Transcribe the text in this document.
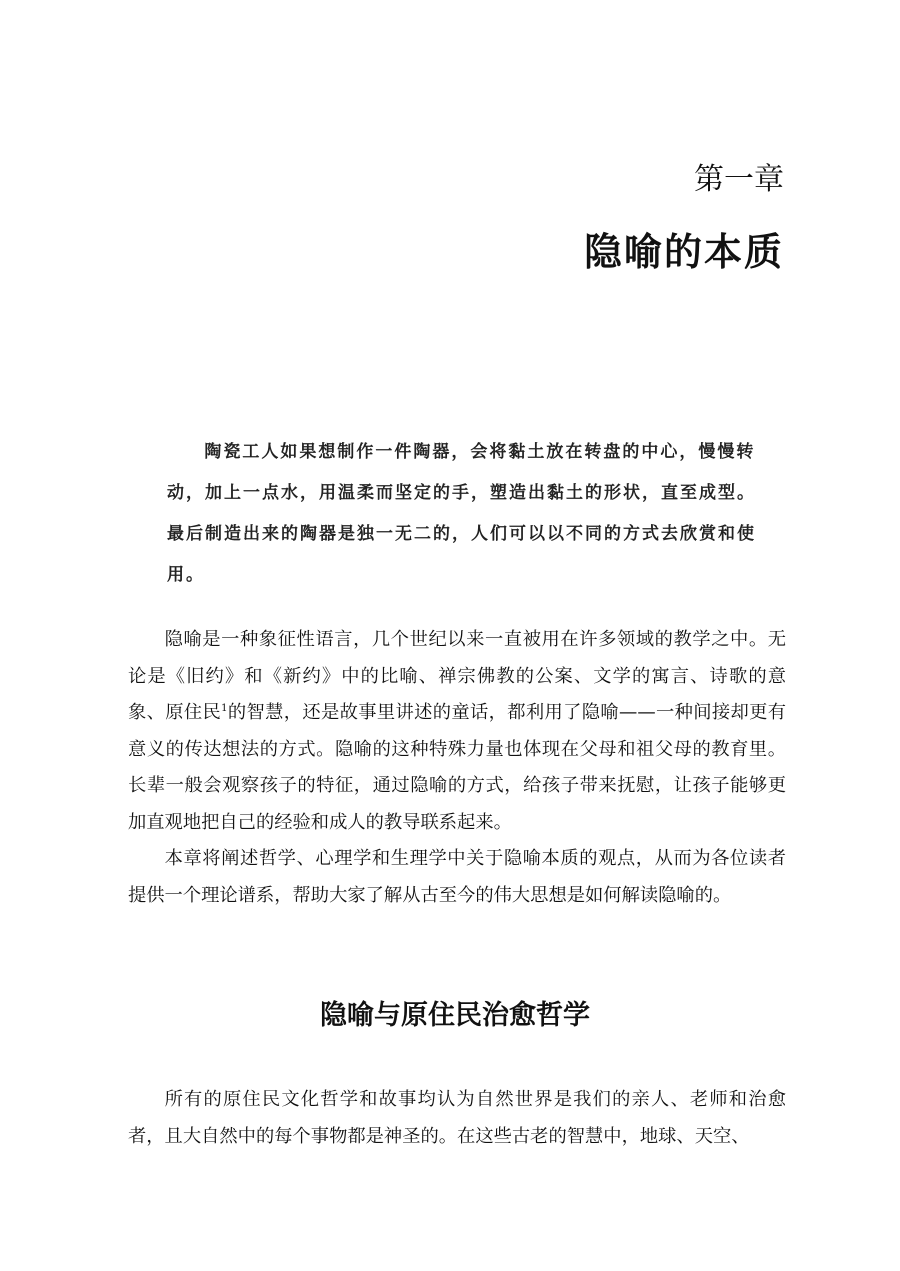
第一章
隐喻的本质

陶瓷工人如果想制作一件陶器，会将黏土放在转盘的中心，慢慢转动，加上一点水，用温柔而坚定的手，塑造出黏土的形状，直至成型。最后制造出来的陶器是独一无二的，人们可以以不同的方式去欣赏和使用。

隐喻是一种象征性语言，几个世纪以来一直被用在许多领域的教学之中。无论是《旧约》和《新约》中的比喻、禅宗佛教的公案、文学的寓言、诗歌的意象、原住民$^1$的智慧，还是故事里讲述的童话，都利用了隐喻——一种间接却更有意义的传达想法的方式。隐喻的这种特殊力量也体现在父母和祖父母的教育里。长辈一般会观察孩子的特征，通过隐喻的方式，给孩子带来抚慰，让孩子能够更加直观地把自己的经验和成人的教导联系起来。

本章将阐述哲学、心理学和生理学中关于隐喻本质的观点，从而为各位读者提供一个理论谱系，帮助大家了解从古至今的伟大思想是如何解读隐喻的。

隐喻与原住民治愈哲学

所有的原住民文化哲学和故事均认为自然世界是我们的亲人、老师和治愈者，且大自然中的每个事物都是神圣的。在这些古老的智慧中，地球、天空、
